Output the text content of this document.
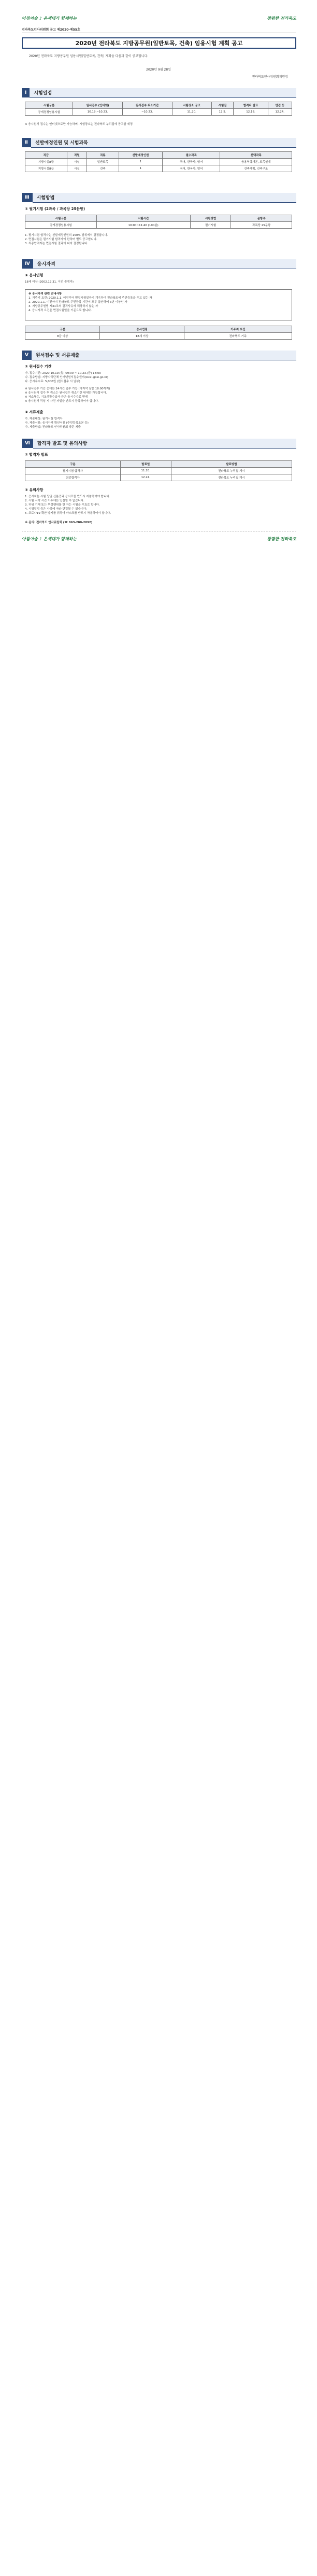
아침이슬 ♪ 온세대가 함께하는	청렴한 전라북도
전라북도인사위원회 공고 제2020-제55호
2020년 전라북도 지방공무원(일반토목, 건축) 임용시험 계획 공고
2020년 전라북도 지방공무원 임용시험(일반토목, 건축) 계획을 다음과 같이 공고합니다.
2020년 9월 28일
전라북도인사위원회위원장
Ⅰ	시험일정
시험구분	원서접수 (인터넷)	원서접수 취소기간	시험장소 공고	시험일	합격자 발표	면접 등
공개경쟁임용시험	10.19.~10.23.	~10.23.	11.20.	12.5.	12.18.	12.24.
※ 응시원서 접수는 인터넷으로만 가능하며, 시험장소는 전라북도 누리집에 공고할 예정
Ⅱ	선발예정인원 및 시험과목
직급	직렬	직류	선발예정인원	필수과목	선택과목
지방시설8급	시설	일반토목	1	국어, 한국사, 영어	응용역학개론, 토목설계
지방시설8급	시설	건축	1	국어, 한국사, 영어	건축계획, 건축구조
Ⅲ	시험방법
① 필기시험 (2과목 / 과목당 25문항)
시험구분	시험시간	시험방법	문항수
공개경쟁임용시험	10:00~11:40 (100분)	필기시험	과목당 25문항
1. 필기시험 합격자는 선발예정인원의 150% 범위에서 결정합니다.
2. 면접시험은 필기시험 합격자에 한하며 별도 공고합니다.
3. 최종합격자는 면접시험 결과에 따라 결정합니다.
Ⅳ	응시자격
① 응시연령
18세 이상 (2002.12.31. 이전 출생자)
※ 응시자격 관련 안내사항
1. 거주지 요건: 2020.1.1. 이전부터 면접시험일까지 계속하여 전라북도에 주민등록을 두고 있는 자
2. 2020.1.1. 이전까지 전라북도 주민등록 기간이 모두 합산하여 3년 이상인 자
3. 지방공무원법 제31조의 결격사유에 해당하지 않는 자
4. 응시자격 요건은 면접시험일을 기준으로 합니다.
구분	응시연령	거주지 요건
8급 이상	18세 이상	전라북도 거주
Ⅴ	원서접수 및 서류제출
① 원서접수 기간
가. 접수기간: 2020.10.19.(월) 09:00 ~ 10.23.(금) 18:00
나. 접수방법: 지방자치단체 인터넷원서접수센터(local.gosi.go.kr)
다. 응시수수료: 5,000원 (원서접수 시 납부)
※ 원서접수 기간 중에는 24시간 접수 가능 (마지막 날은 18:00까지)
※ 응시원서 접수 후 취소는 원서접수 취소기간 내에만 가능합니다.
※ 저소득층, 기초생활수급자 등은 응시수수료 면제
※ 응시원서 작성 시 사진 파일을 반드시 등록하여야 합니다.
② 서류제출
가. 제출대상: 필기시험 합격자
나. 제출서류: 응시자격 확인서류 (주민등록초본 등)
다. 제출방법: 전라북도 인사위원회 방문 제출
Ⅵ	합격자 발표 및 유의사항
① 합격자 발표
구분	발표일	발표방법
필기시험 합격자	11.20.	전라북도 누리집 게시
최종합격자	12.24.	전라북도 누리집 게시
② 유의사항
1. 응시자는 시험 당일 신분증과 응시표를 반드시 지참하여야 합니다.
2. 시험 시작 시간 이후에는 입실할 수 없습니다.
3. 허위 기재 또는 부정행위를 한 자는 시험을 무효로 합니다.
4. 시험일정 등은 사정에 따라 변경될 수 있습니다.
5. 코로나19 확산 방지를 위하여 마스크를 반드시 착용하여야 합니다.
※ 문의: 전라북도 인사위원회 (☎ 063-280-2092)
아침이슬 ♪ 온세대가 함께하는	청렴한 전라북도
